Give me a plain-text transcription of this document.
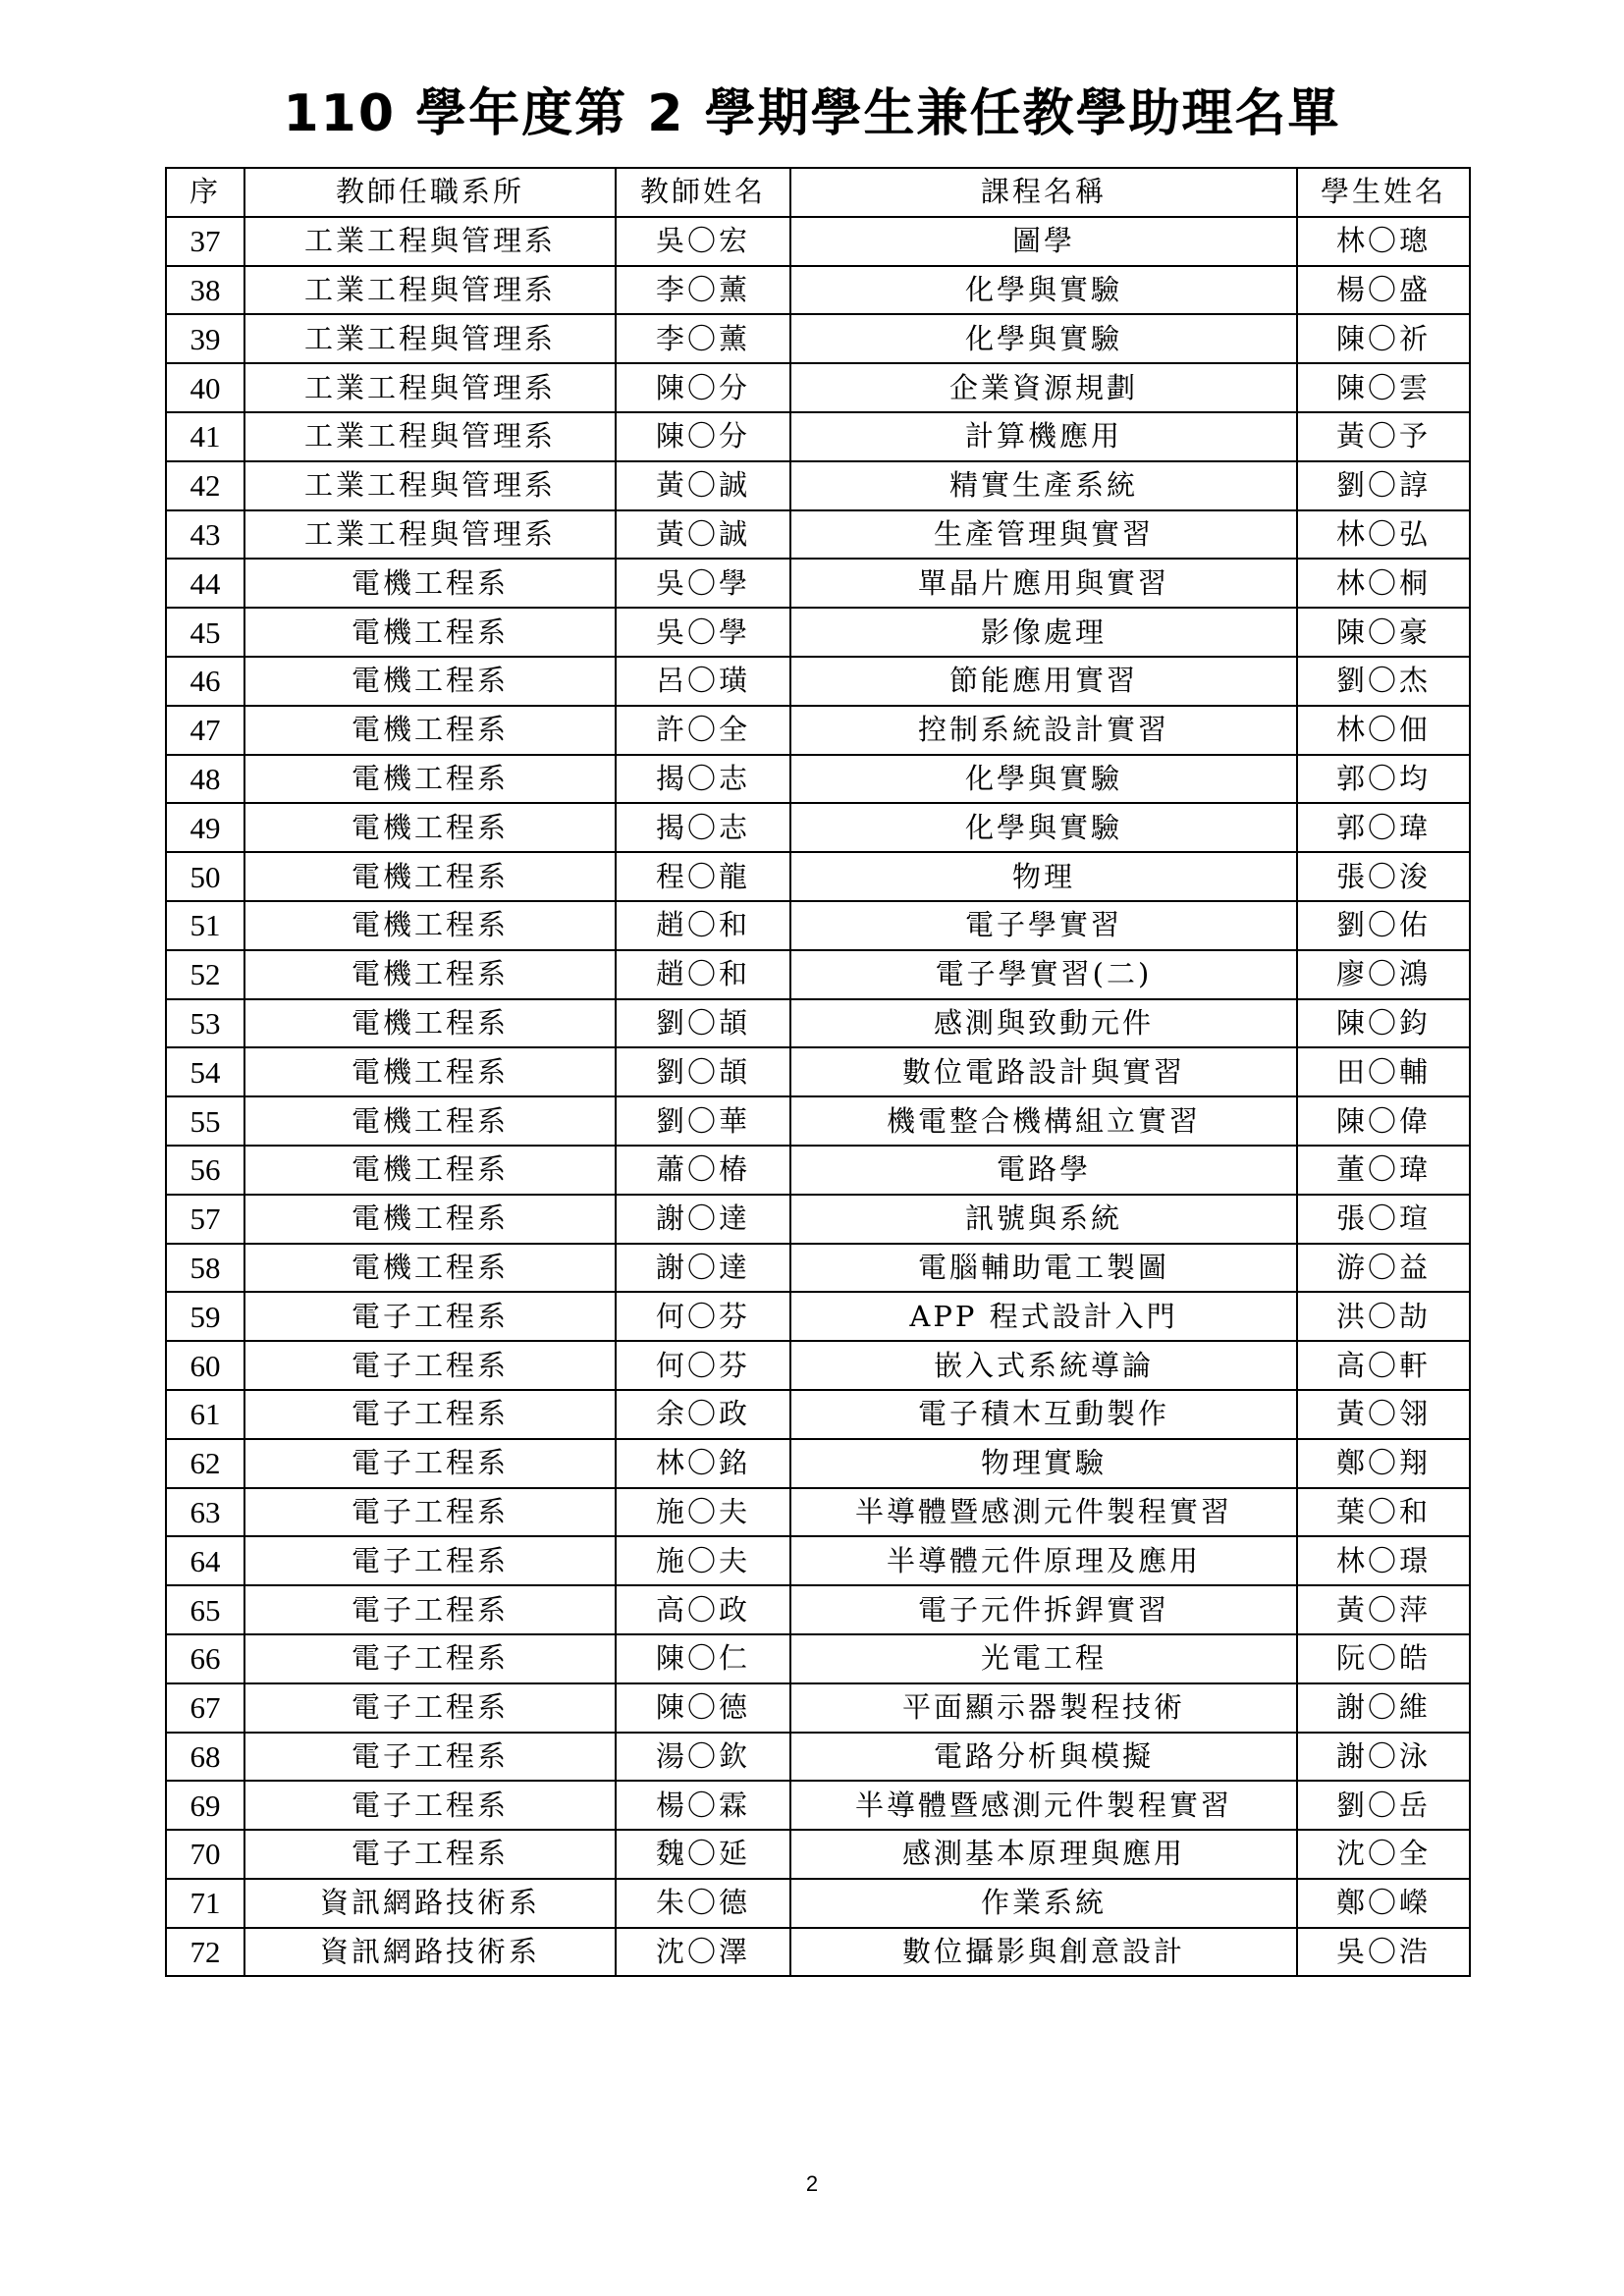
110 學年度第 2 學期學生兼任教學助理名單
序	教師任職系所	教師姓名	課程名稱	學生姓名
37	工業工程與管理系	吳〇宏	圖學	林〇璁
38	工業工程與管理系	李〇薰	化學與實驗	楊〇盛
39	工業工程與管理系	李〇薰	化學與實驗	陳〇祈
40	工業工程與管理系	陳〇分	企業資源規劃	陳〇雲
41	工業工程與管理系	陳〇分	計算機應用	黃〇予
42	工業工程與管理系	黃〇誠	精實生產系統	劉〇諄
43	工業工程與管理系	黃〇誠	生產管理與實習	林〇弘
44	電機工程系	吳〇學	單晶片應用與實習	林〇桐
45	電機工程系	吳〇學	影像處理	陳〇豪
46	電機工程系	呂〇璜	節能應用實習	劉〇杰
47	電機工程系	許〇全	控制系統設計實習	林〇佃
48	電機工程系	揭〇志	化學與實驗	郭〇均
49	電機工程系	揭〇志	化學與實驗	郭〇瑋
50	電機工程系	程〇龍	物理	張〇浚
51	電機工程系	趙〇和	電子學實習	劉〇佑
52	電機工程系	趙〇和	電子學實習(二)	廖〇鴻
53	電機工程系	劉〇頡	感測與致動元件	陳〇鈞
54	電機工程系	劉〇頡	數位電路設計與實習	田〇輔
55	電機工程系	劉〇華	機電整合機構組立實習	陳〇偉
56	電機工程系	蕭〇椿	電路學	董〇瑋
57	電機工程系	謝〇達	訊號與系統	張〇瑄
58	電機工程系	謝〇達	電腦輔助電工製圖	游〇益
59	電子工程系	何〇芬	APP 程式設計入門	洪〇劼
60	電子工程系	何〇芬	嵌入式系統導論	高〇軒
61	電子工程系	余〇政	電子積木互動製作	黃〇翎
62	電子工程系	林〇銘	物理實驗	鄭〇翔
63	電子工程系	施〇夫	半導體暨感測元件製程實習	葉〇和
64	電子工程系	施〇夫	半導體元件原理及應用	林〇璟
65	電子工程系	高〇政	電子元件拆銲實習	黃〇萍
66	電子工程系	陳〇仁	光電工程	阮〇皓
67	電子工程系	陳〇德	平面顯示器製程技術	謝〇維
68	電子工程系	湯〇欽	電路分析與模擬	謝〇泳
69	電子工程系	楊〇霖	半導體暨感測元件製程實習	劉〇岳
70	電子工程系	魏〇延	感測基本原理與應用	沈〇全
71	資訊網路技術系	朱〇德	作業系統	鄭〇嶸
72	資訊網路技術系	沈〇澤	數位攝影與創意設計	吳〇浩
2
